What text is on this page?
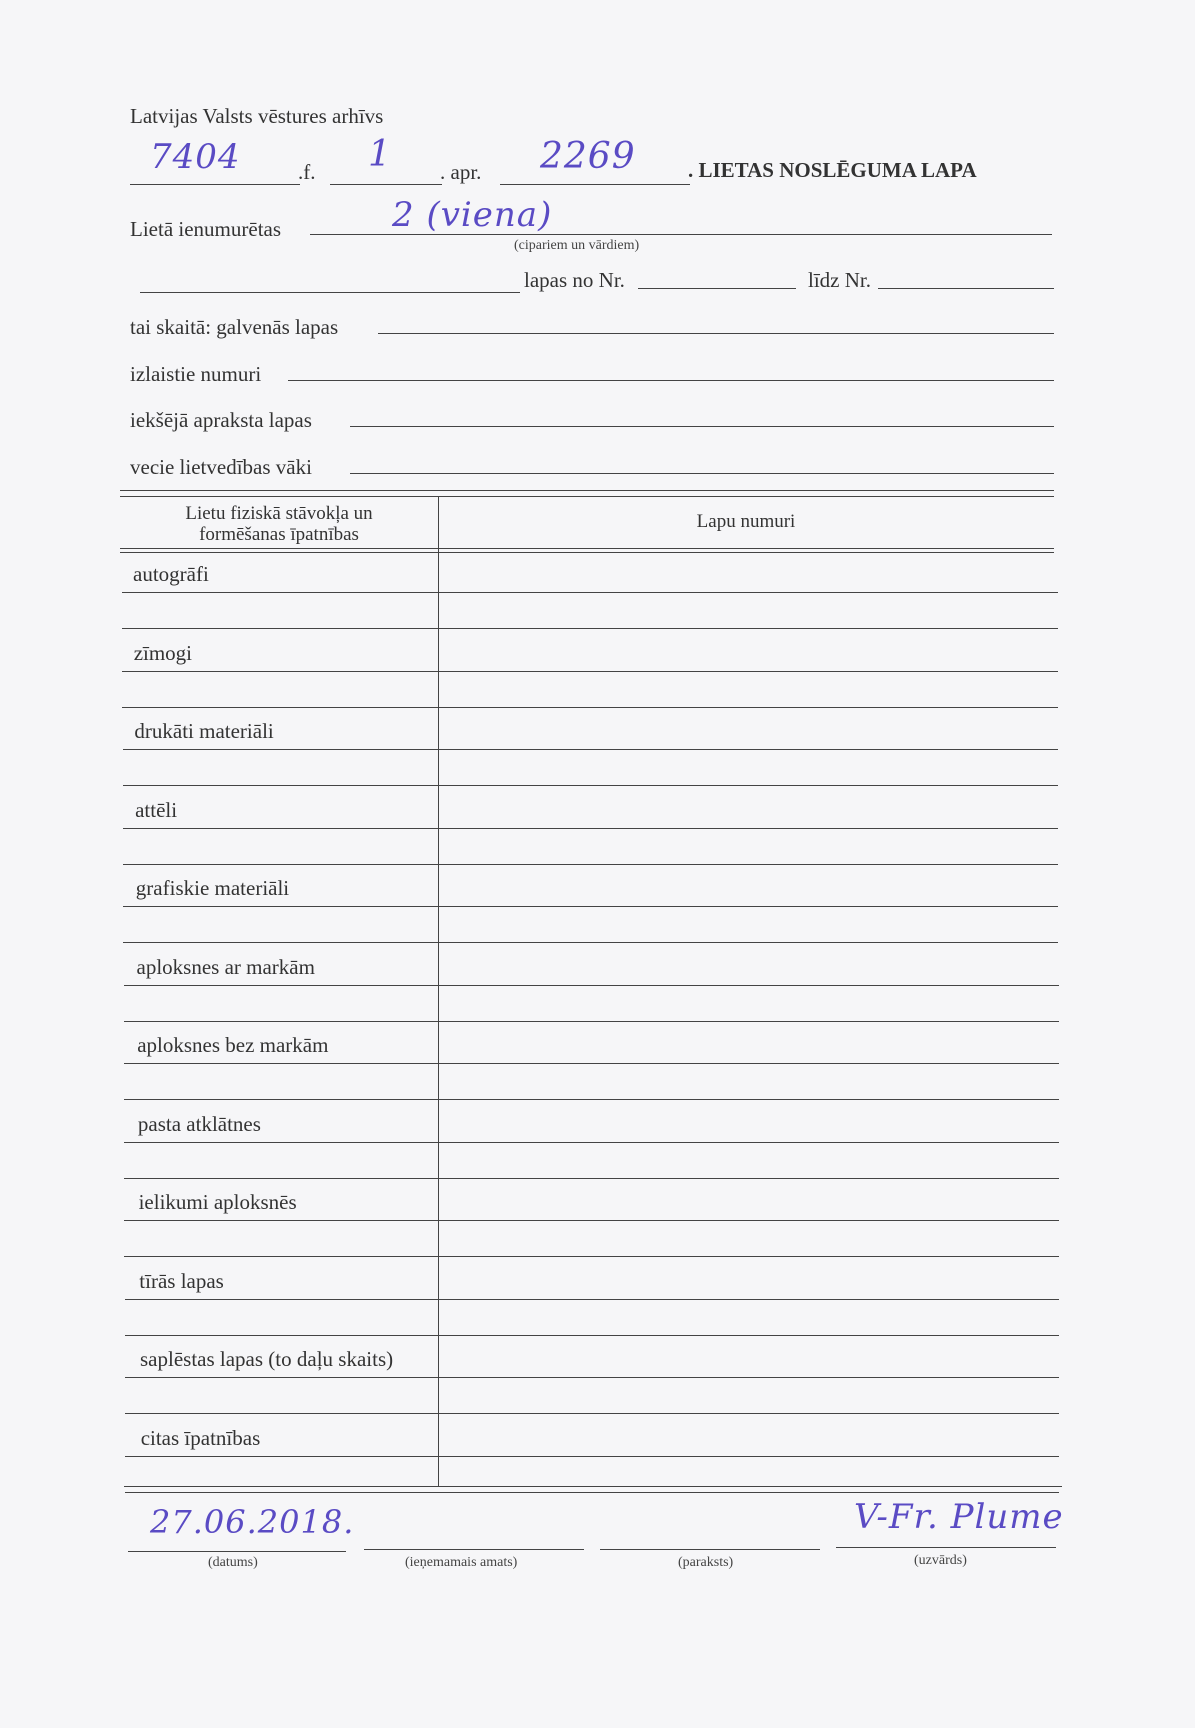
Latvijas Valsts vēstures arhīvs
7404	.f. 1 . apr. 2269 . LIETAS NOSLĒGUMA LAPA
Lietā ienumurētas	2 (viena)
(cipariem un vārdiem)
lapas no Nr.	līdz Nr.
tai skaitā: galvenās lapas
izlaistie numuri
iekšējā apraksta lapas
vecie lietvedības vāki
Lietu fiziskā stāvokļa un
formēšanas īpatnības
Lapu numuri
autogrāfi
zīmogi
drukāti materiāli
attēli
grafiskie materiāli
aploksnes ar markām
aploksnes bez markām
pasta atklātnes
ielikumi aploksnēs
tīrās lapas
saplēstas lapas (to daļu skaits)
citas īpatnības
27.06.2018.
(datums)	(ieņemamais amats)	(paraksts)
V-Fr. Plume
(uzvārds)
